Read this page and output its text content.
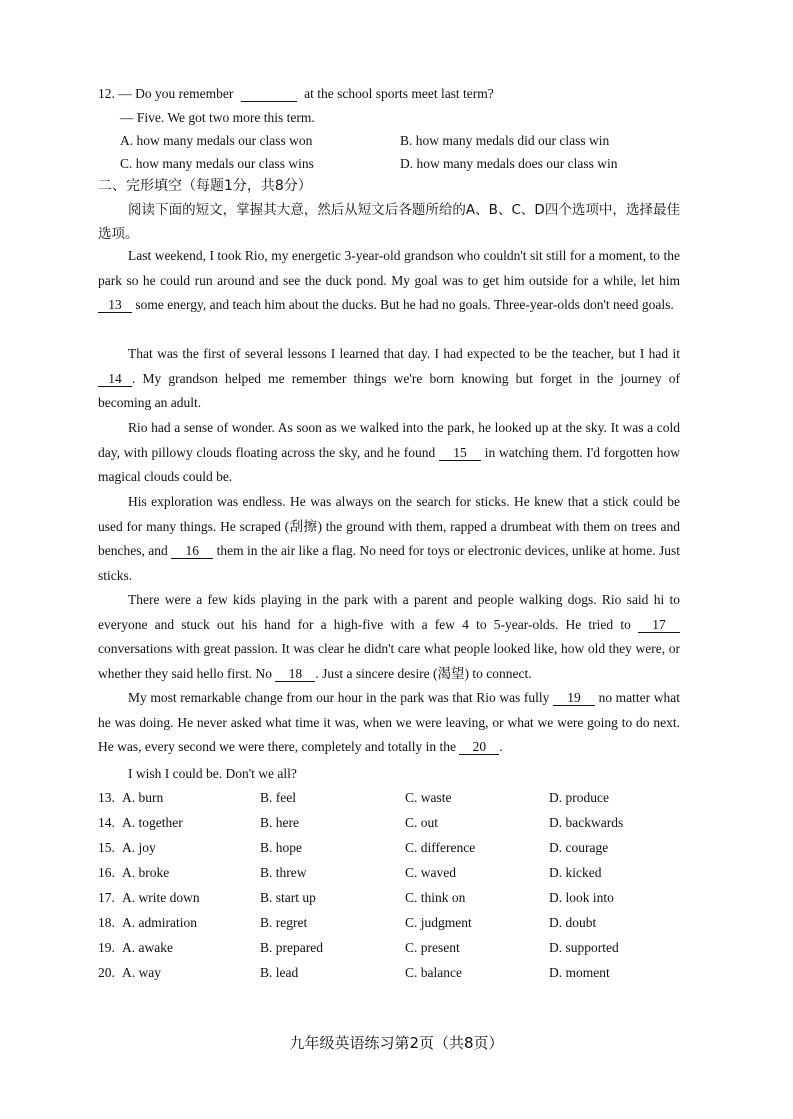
12. — Do you remember	at the school sports meet last term?
— Five. We got two more this term.
A. how many medals our class won	B. how many medals did our class win
C. how many medals our class wins	D. how many medals does our class win
二、完形填空（每题1分，共8分）
阅读下面的短文，掌握其大意，然后从短文后各题所给的A、B、C、D四个选项中，选择最佳选项。
Last weekend, I took Rio, my energetic 3-year-old grandson who couldn't sit still for a moment, to the park so he could run around and see the duck pond. My goal was to get him outside for a while, let him 13 some energy, and teach him about the ducks. But he had no goals. Three-year-olds don't need goals.
That was the first of several lessons I learned that day. I had expected to be the teacher, but I had it 14 . My grandson helped me remember things we're born knowing but forget in the journey of becoming an adult.
Rio had a sense of wonder. As soon as we walked into the park, he looked up at the sky. It was a cold day, with pillowy clouds floating across the sky, and he found 15 in watching them. I'd forgotten how magical clouds could be.
His exploration was endless. He was always on the search for sticks. He knew that a stick could be used for many things. He scraped (刮擦) the ground with them, rapped a drumbeat with them on trees and benches, and 16 them in the air like a flag. No need for toys or electronic devices, unlike at home. Just sticks.
There were a few kids playing in the park with a parent and people walking dogs. Rio said hi to everyone and stuck out his hand for a high-five with a few 4 to 5-year-olds. He tried to 17 conversations with great passion. It was clear he didn't care what people looked like, how old they were, or whether they said hello first. No 18 . Just a sincere desire (渴望) to connect.
My most remarkable change from our hour in the park was that Rio was fully 19 no matter what he was doing. He never asked what time it was, when we were leaving, or what we were going to do next. He was, every second we were there, completely and totally in the 20 .
I wish I could be. Don't we all?
13. A. burn	B. feel	C. waste	D. produce
14. A. together	B. here	C. out	D. backwards
15. A. joy	B. hope	C. difference	D. courage
16. A. broke	B. threw	C. waved	D. kicked
17. A. write down	B. start up	C. think on	D. look into
18. A. admiration	B. regret	C. judgment	D. doubt
19. A. awake	B. prepared	C. present	D. supported
20. A. way	B. lead	C. balance	D. moment
九年级英语练习第2页（共8页）
